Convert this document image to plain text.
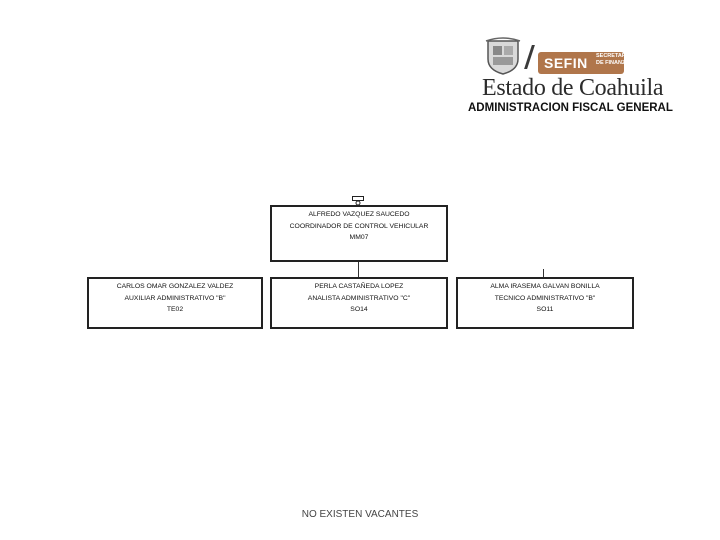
SEFIN SECRETARÍA
DE FINANZAS
Estado de Coahuila
ADMINISTRACION FISCAL GENERAL
ALFREDO VAZQUEZ SAUCEDO
COORDINADOR DE CONTROL VEHICULAR
MM07
CARLOS OMAR GONZALEZ VALDEZ
AUXILIAR ADMINISTRATIVO "B"
TE02
PERLA CASTAÑEDA LOPEZ
ANALISTA ADMINISTRATIVO "C"
SO14
ALMA IRASEMA GALVAN BONILLA
TECNICO ADMINISTRATIVO "B"
SO11
NO EXISTEN VACANTES
